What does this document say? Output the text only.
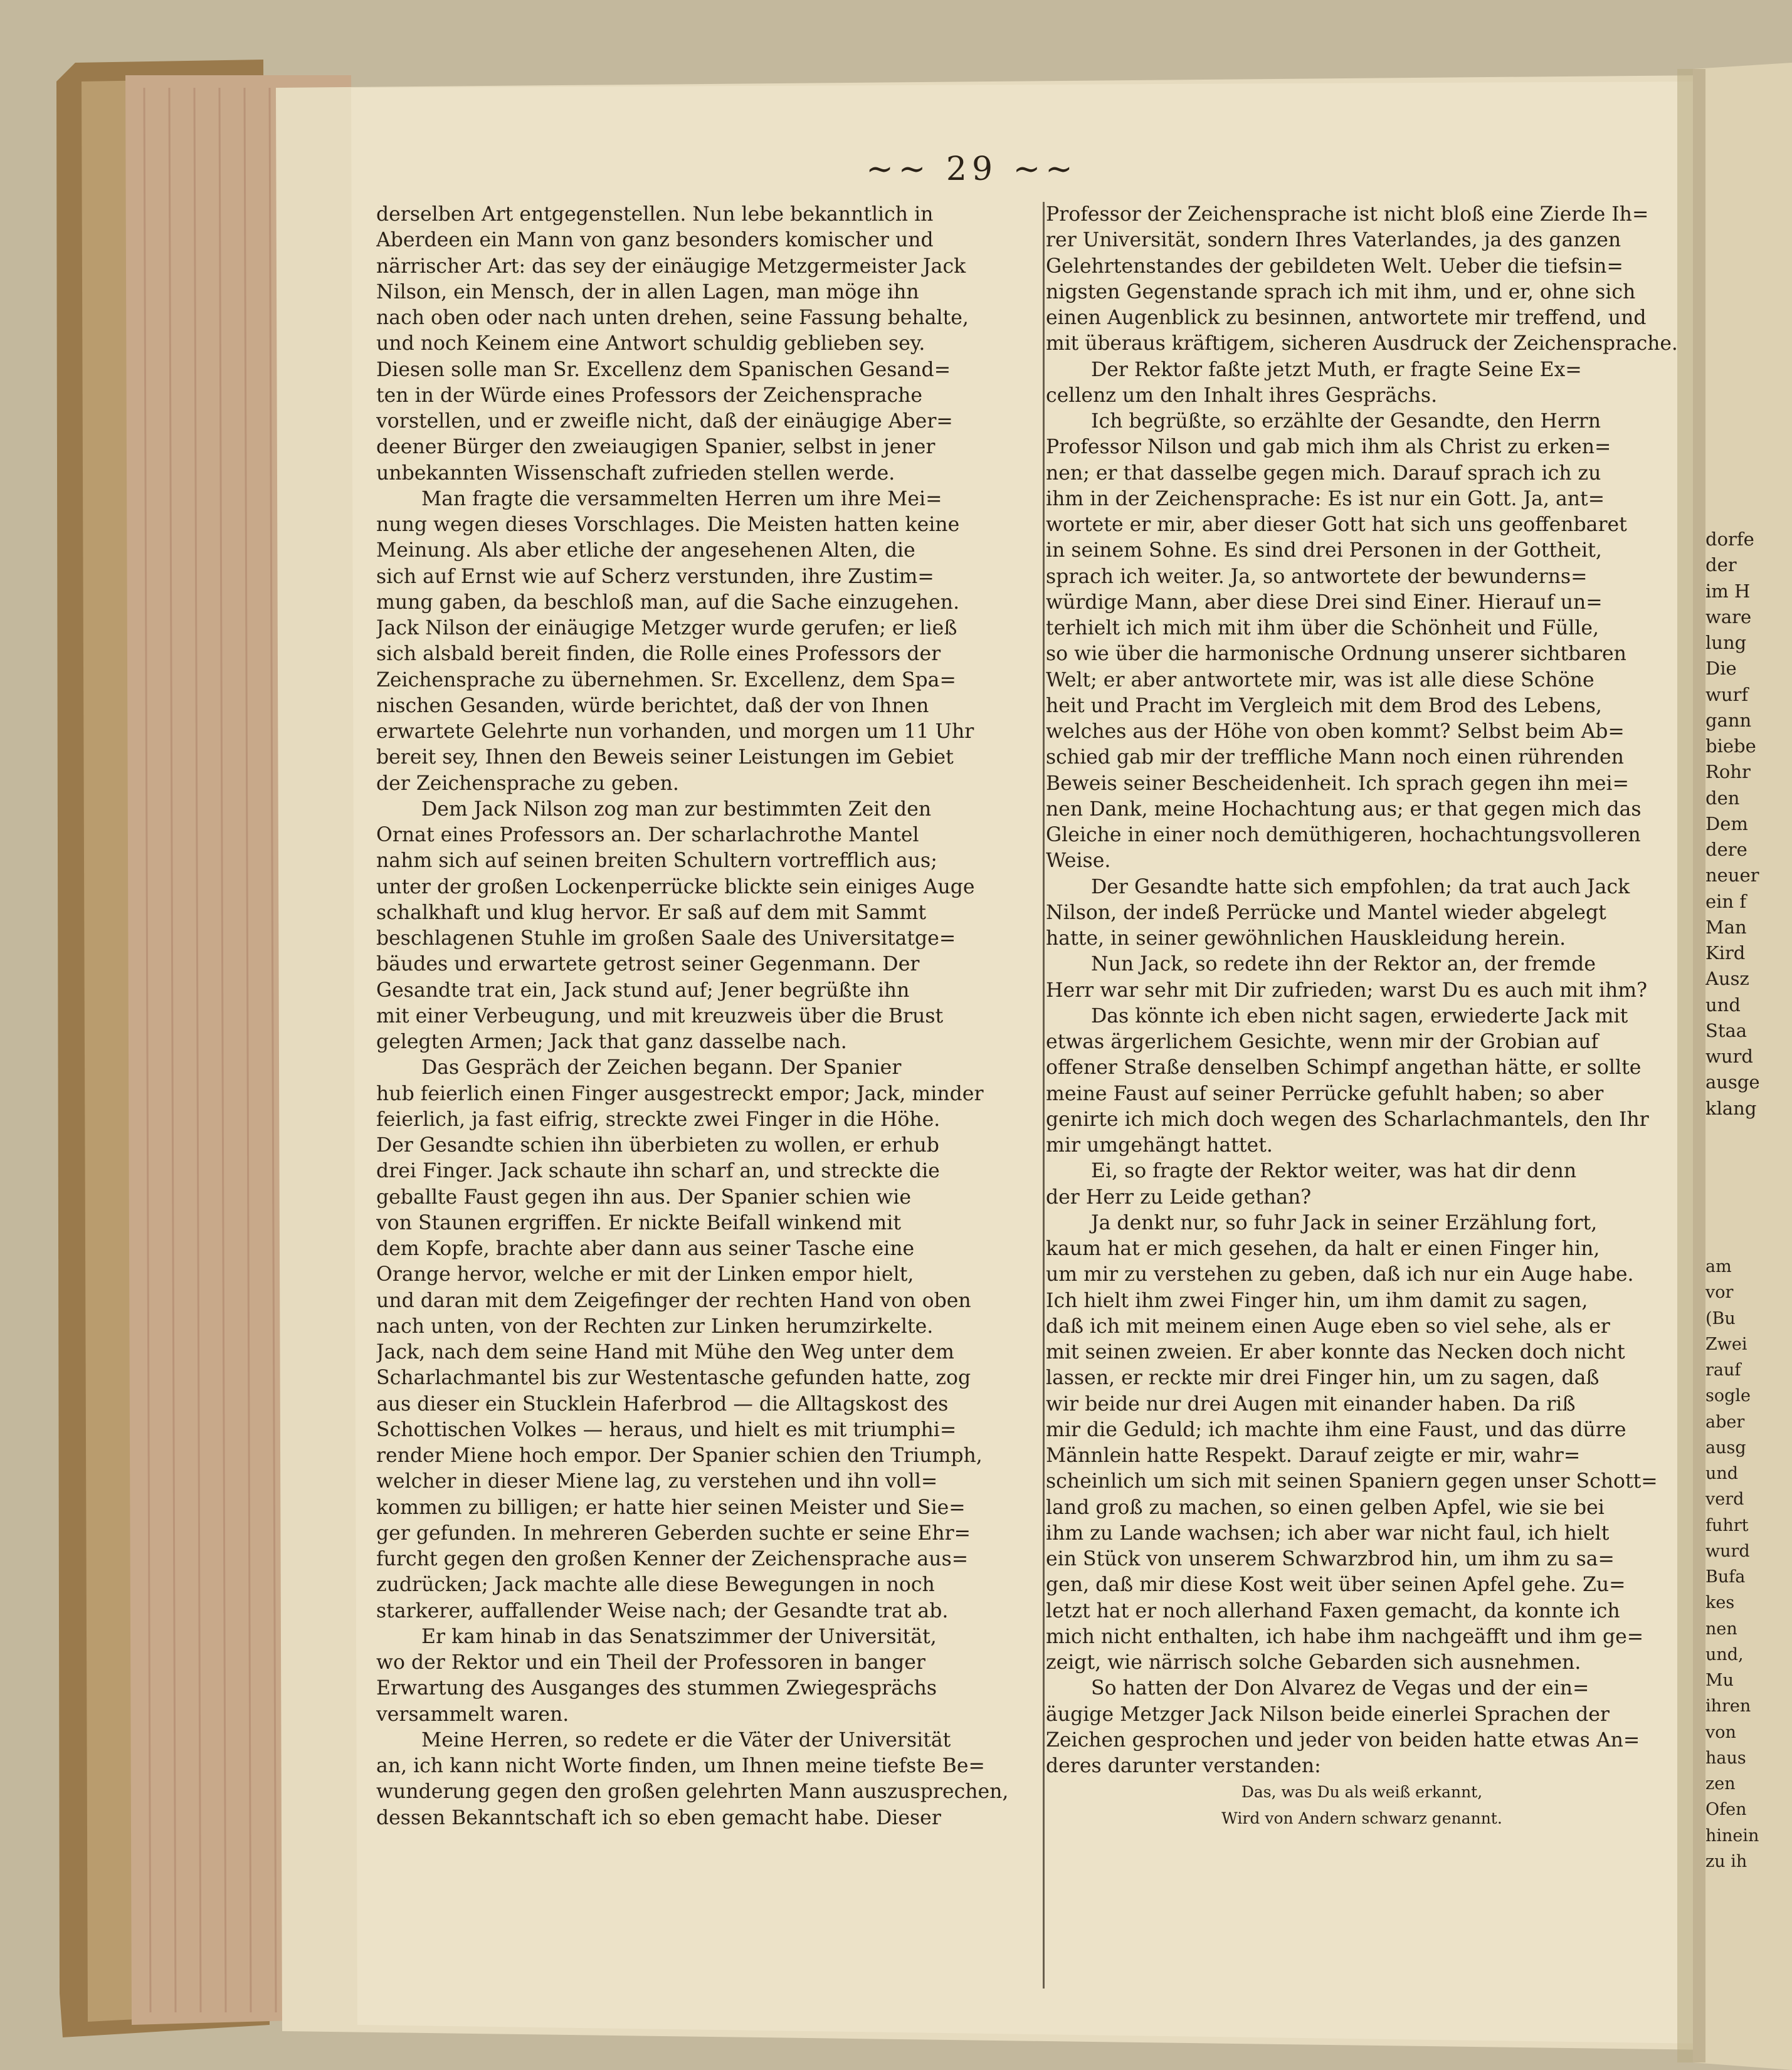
~~ 29 ~~
derselben Art entgegenstellen. Nun lebe bekanntlich in
Aberdeen ein Mann von ganz besonders komischer und
närrischer Art: das sey der einäugige Metzgermeister Jack
Nilson, ein Mensch, der in allen Lagen, man möge ihn
nach oben oder nach unten drehen, seine Fassung behalte,
und noch Keinem eine Antwort schuldig geblieben sey.
Diesen solle man Sr. Excellenz dem Spanischen Gesand=
ten in der Würde eines Professors der Zeichensprache
vorstellen, und er zweifle nicht, daß der einäugige Aber=
deener Bürger den zweiaugigen Spanier, selbst in jener
unbekannten Wissenschaft zufrieden stellen werde.
Man fragte die versammelten Herren um ihre Mei=
nung wegen dieses Vorschlages. Die Meisten hatten keine
Meinung. Als aber etliche der angesehenen Alten, die
sich auf Ernst wie auf Scherz verstunden, ihre Zustim=
mung gaben, da beschloß man, auf die Sache einzugehen.
Jack Nilson der einäugige Metzger wurde gerufen; er ließ
sich alsbald bereit finden, die Rolle eines Professors der
Zeichensprache zu übernehmen. Sr. Excellenz, dem Spa=
nischen Gesanden, würde berichtet, daß der von Ihnen
erwartete Gelehrte nun vorhanden, und morgen um 11 Uhr
bereit sey, Ihnen den Beweis seiner Leistungen im Gebiet
der Zeichensprache zu geben.
Dem Jack Nilson zog man zur bestimmten Zeit den
Ornat eines Professors an. Der scharlachrothe Mantel
nahm sich auf seinen breiten Schultern vortrefflich aus;
unter der großen Lockenperrücke blickte sein einiges Auge
schalkhaft und klug hervor. Er saß auf dem mit Sammt
beschlagenen Stuhle im großen Saale des Universitatge=
bäudes und erwartete getrost seiner Gegenmann. Der
Gesandte trat ein, Jack stund auf; Jener begrüßte ihn
mit einer Verbeugung, und mit kreuzweis über die Brust
gelegten Armen; Jack that ganz dasselbe nach.
Das Gespräch der Zeichen begann. Der Spanier
hub feierlich einen Finger ausgestreckt empor; Jack, minder
feierlich, ja fast eifrig, streckte zwei Finger in die Höhe.
Der Gesandte schien ihn überbieten zu wollen, er erhub
drei Finger. Jack schaute ihn scharf an, und streckte die
geballte Faust gegen ihn aus. Der Spanier schien wie
von Staunen ergriffen. Er nickte Beifall winkend mit
dem Kopfe, brachte aber dann aus seiner Tasche eine
Orange hervor, welche er mit der Linken empor hielt,
und daran mit dem Zeigefinger der rechten Hand von oben
nach unten, von der Rechten zur Linken herumzirkelte.
Jack, nach dem seine Hand mit Mühe den Weg unter dem
Scharlachmantel bis zur Westentasche gefunden hatte, zog
aus dieser ein Stucklein Haferbrod — die Alltagskost des
Schottischen Volkes — heraus, und hielt es mit triumphi=
render Miene hoch empor. Der Spanier schien den Triumph,
welcher in dieser Miene lag, zu verstehen und ihn voll=
kommen zu billigen; er hatte hier seinen Meister und Sie=
ger gefunden. In mehreren Geberden suchte er seine Ehr=
furcht gegen den großen Kenner der Zeichensprache aus=
zudrücken; Jack machte alle diese Bewegungen in noch
starkerer, auffallender Weise nach; der Gesandte trat ab.
Er kam hinab in das Senatszimmer der Universität,
wo der Rektor und ein Theil der Professoren in banger
Erwartung des Ausganges des stummen Zwiegesprächs
versammelt waren.
Meine Herren, so redete er die Väter der Universität
an, ich kann nicht Worte finden, um Ihnen meine tiefste Be=
wunderung gegen den großen gelehrten Mann auszusprechen,
dessen Bekanntschaft ich so eben gemacht habe. Dieser
Professor der Zeichensprache ist nicht bloß eine Zierde Ih=
rer Universität, sondern Ihres Vaterlandes, ja des ganzen
Gelehrtenstandes der gebildeten Welt. Ueber die tiefsin=
nigsten Gegenstande sprach ich mit ihm, und er, ohne sich
einen Augenblick zu besinnen, antwortete mir treffend, und
mit überaus kräftigem, sicheren Ausdruck der Zeichensprache.
Der Rektor faßte jetzt Muth, er fragte Seine Ex=
cellenz um den Inhalt ihres Gesprächs.
Ich begrüßte, so erzählte der Gesandte, den Herrn
Professor Nilson und gab mich ihm als Christ zu erken=
nen; er that dasselbe gegen mich. Darauf sprach ich zu
ihm in der Zeichensprache: Es ist nur ein Gott. Ja, ant=
wortete er mir, aber dieser Gott hat sich uns geoffenbaret
in seinem Sohne. Es sind drei Personen in der Gottheit,
sprach ich weiter. Ja, so antwortete der bewunderns=
würdige Mann, aber diese Drei sind Einer. Hierauf un=
terhielt ich mich mit ihm über die Schönheit und Fülle,
so wie über die harmonische Ordnung unserer sichtbaren
Welt; er aber antwortete mir, was ist alle diese Schöne
heit und Pracht im Vergleich mit dem Brod des Lebens,
welches aus der Höhe von oben kommt? Selbst beim Ab=
schied gab mir der treffliche Mann noch einen rührenden
Beweis seiner Bescheidenheit. Ich sprach gegen ihn mei=
nen Dank, meine Hochachtung aus; er that gegen mich das
Gleiche in einer noch demüthigeren, hochachtungsvolleren
Weise.
Der Gesandte hatte sich empfohlen; da trat auch Jack
Nilson, der indeß Perrücke und Mantel wieder abgelegt
hatte, in seiner gewöhnlichen Hauskleidung herein.
Nun Jack, so redete ihn der Rektor an, der fremde
Herr war sehr mit Dir zufrieden; warst Du es auch mit ihm?
Das könnte ich eben nicht sagen, erwiederte Jack mit
etwas ärgerlichem Gesichte, wenn mir der Grobian auf
offener Straße denselben Schimpf angethan hätte, er sollte
meine Faust auf seiner Perrücke gefuhlt haben; so aber
genirte ich mich doch wegen des Scharlachmantels, den Ihr
mir umgehängt hattet.
Ei, so fragte der Rektor weiter, was hat dir denn
der Herr zu Leide gethan?
Ja denkt nur, so fuhr Jack in seiner Erzählung fort,
kaum hat er mich gesehen, da halt er einen Finger hin,
um mir zu verstehen zu geben, daß ich nur ein Auge habe.
Ich hielt ihm zwei Finger hin, um ihm damit zu sagen,
daß ich mit meinem einen Auge eben so viel sehe, als er
mit seinen zweien. Er aber konnte das Necken doch nicht
lassen, er reckte mir drei Finger hin, um zu sagen, daß
wir beide nur drei Augen mit einander haben. Da riß
mir die Geduld; ich machte ihm eine Faust, und das dürre
Männlein hatte Respekt. Darauf zeigte er mir, wahr=
scheinlich um sich mit seinen Spaniern gegen unser Schott=
land groß zu machen, so einen gelben Apfel, wie sie bei
ihm zu Lande wachsen; ich aber war nicht faul, ich hielt
ein Stück von unserem Schwarzbrod hin, um ihm zu sa=
gen, daß mir diese Kost weit über seinen Apfel gehe. Zu=
letzt hat er noch allerhand Faxen gemacht, da konnte ich
mich nicht enthalten, ich habe ihm nachgeäfft und ihm ge=
zeigt, wie närrisch solche Gebarden sich ausnehmen.
So hatten der Don Alvarez de Vegas und der ein=
äugige Metzger Jack Nilson beide einerlei Sprachen der
Zeichen gesprochen und jeder von beiden hatte etwas An=
deres darunter verstanden:
Das, was Du als weiß erkannt,
Wird von Andern schwarz genannt.
dorfe
der
im H
ware
lung
Die
wurf
gann
biebe
Rohr
den
Dem
dere
neuer
ein f
Man
Kird
Ausz
und
Staa
wurd
ausge
klang
am
vor
(Bu
Zwei
rauf
sogle
aber
ausg
und
verd
fuhrt
wurd
Bufa
kes
nen
und,
Mu
ihren
von
haus
zen
Ofen
hinein
zu ih
